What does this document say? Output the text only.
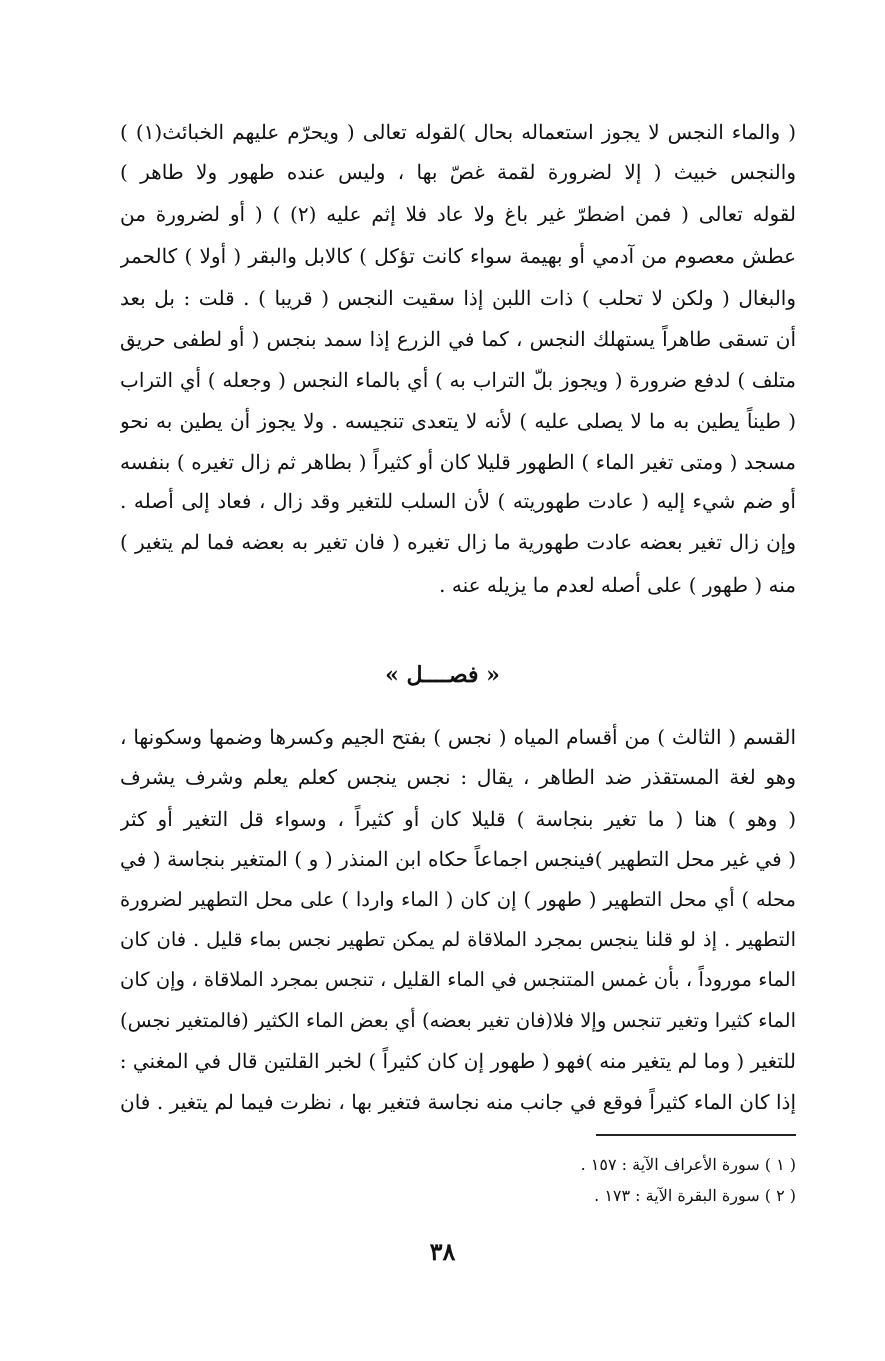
( والماء النجس لا يجوز استعماله بحال )لقوله تعالى ( ويحرّم عليهم الخبائث(١) )
والنجس خبيث ( إلا لضرورة لقمة غصّ بها ، وليس عنده طهور ولا طاهر )
لقوله تعالى ( فمن اضطرّ غير باغ ولا عاد فلا إثم عليه (٢) ) ( أو لضرورة من
عطش معصوم من آدمي أو بهيمة سواء كانت تؤكل ) كالابل والبقر ( أولا ) كالحمر
والبغال ( ولكن لا تحلب ) ذات اللبن إذا سقيت النجس ( قريبا ) . قلت : بل بعد
أن تسقى طاهراً يستهلك النجس ، كما في الزرع إذا سمد بنجس ( أو لطفى حريق
متلف ) لدفع ضرورة ( ويجوز بلّ التراب به ) أي بالماء النجس ( وجعله ) أي التراب
( طيناً يطين به ما لا يصلى عليه ) لأنه لا يتعدى تنجيسه . ولا يجوز أن يطين به نحو
مسجد ( ومتى تغير الماء ) الطهور قليلا كان أو كثيراً ( بطاهر ثم زال تغيره ) بنفسه
أو ضم شيء إليه ( عادت طهوريته ) لأن السلب للتغير وقد زال ، فعاد إلى أصله .
وإن زال تغير بعضه عادت طهورية ما زال تغيره ( فان تغير به بعضه فما لم يتغير )
منه ( طهور ) على أصله لعدم ما يزيله عنه .
« فصــــل »
القسم ( الثالث ) من أقسام المياه ( نجس ) بفتح الجيم وكسرها وضمها وسكونها ،
وهو لغة المستقذر ضد الطاهر ، يقال : نجس ينجس كعلم يعلم وشرف يشرف
( وهو ) هنا ( ما تغير بنجاسة ) قليلا كان أو كثيراً ، وسواء قل التغير أو كثر
( في غير محل التطهير )فينجس اجماعاً حكاه ابن المنذر ( و ) المتغير بنجاسة ( في
محله ) أي محل التطهير ( طهور ) إن كان ( الماء واردا ) على محل التطهير لضرورة
التطهير . إذ لو قلنا ينجس بمجرد الملاقاة لم يمكن تطهير نجس بماء قليل . فان كان
الماء موروداً ، بأن غمس المتنجس في الماء القليل ، تنجس بمجرد الملاقاة ، وإن كان
الماء كثيرا وتغير تنجس وإلا فلا(فان تغير بعضه) أي بعض الماء الكثير (فالمتغير نجس)
للتغير ( وما لم يتغير منه )فهو ( طهور إن كان كثيراً ) لخبر القلتين قال في المغني :
إذا كان الماء كثيراً فوقع في جانب منه نجاسة فتغير بها ، نظرت فيما لم يتغير . فان
( ١ ) سورة الأعراف الآية : ١٥٧ .
( ٢ ) سورة البقرة الآية : ١٧٣ .
٣٨
